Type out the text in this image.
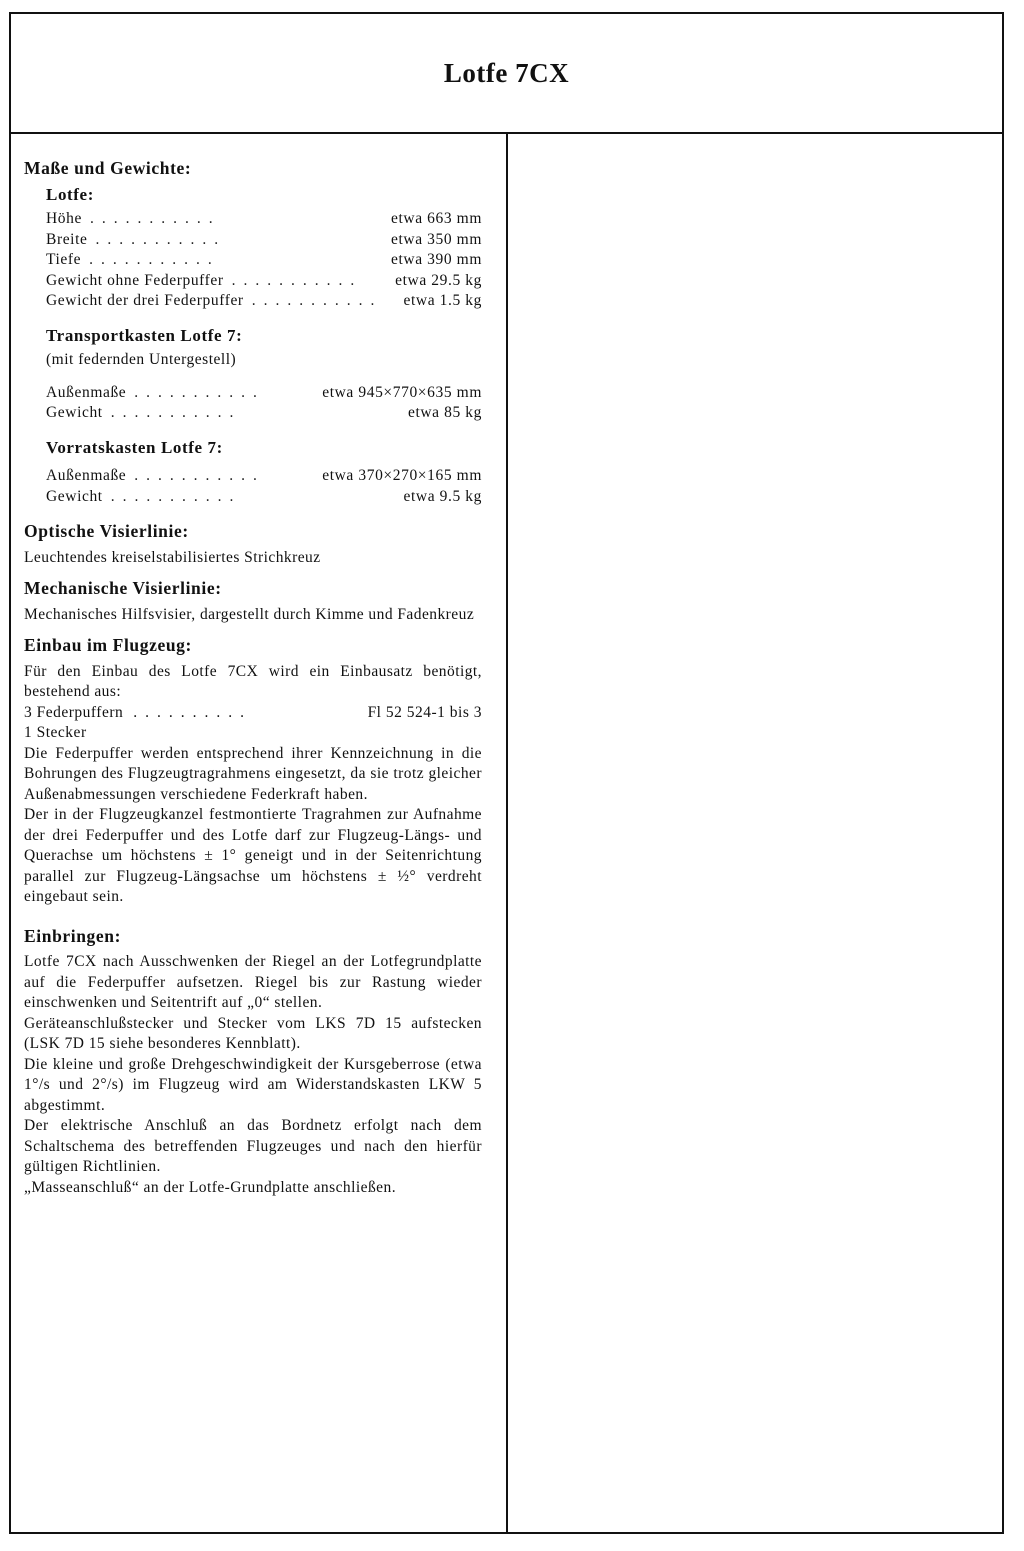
Lotfe 7CX
Maße und Gewichte:
Lotfe:
Höhe ...........	etwa 663 mm
Breite ...........	etwa 350 mm
Tiefe ...........	etwa 390 mm
Gewicht ohne Federpuffer ...........	etwa 29.5 kg
Gewicht der drei Federpuffer ...........	etwa 1.5 kg
Transportkasten Lotfe 7:
(mit federnden Untergestell)
Außenmaße ...........	etwa 945×770×635 mm
Gewicht ...........	etwa 85 kg
Vorratskasten Lotfe 7:
Außenmaße ...........	etwa 370×270×165 mm
Gewicht ...........	etwa 9.5 kg
Optische Visierlinie:

Leuchtendes kreiselstabilisiertes Strichkreuz

Mechanische Visierlinie:

Mechanisches Hilfsvisier, dargestellt durch Kimme und Fadenkreuz

Einbau im Flugzeug:

Für den Einbau des Lotfe 7CX wird ein Einbausatz benötigt, bestehend aus:

3 Federpuffern ..........	Fl 52 524-1 bis 3
1 Stecker

Die Federpuffer werden entsprechend ihrer Kennzeichnung in die Bohrungen des Flugzeugtragrahmens eingesetzt, da sie trotz gleicher Außenabmessungen verschiedene Federkraft haben.

Der in der Flugzeugkanzel festmontierte Tragrahmen zur Aufnahme der drei Federpuffer und des Lotfe darf zur Flugzeug-Längs- und Querachse um höchstens ± 1° geneigt und in der Seitenrichtung parallel zur Flugzeug-Längsachse um höchstens ± ½° verdreht eingebaut sein.

Einbringen:

Lotfe 7CX nach Ausschwenken der Riegel an der Lotfegrundplatte auf die Federpuffer aufsetzen. Riegel bis zur Rastung wieder einschwenken und Seitentrift auf „0“ stellen.

Geräteanschlußstecker und Stecker vom LKS 7D 15 aufstecken (LSK 7D 15 siehe besonderes Kennblatt).

Die kleine und große Drehgeschwindigkeit der Kursgeberrose (etwa 1°/s und 2°/s) im Flugzeug wird am Widerstandskasten LKW 5 abgestimmt.

Der elektrische Anschluß an das Bordnetz erfolgt nach dem Schaltschema des betreffenden Flugzeuges und nach den hierfür gültigen Richtlinien.

„Masseanschluß“ an der Lotfe-Grundplatte anschließen.
